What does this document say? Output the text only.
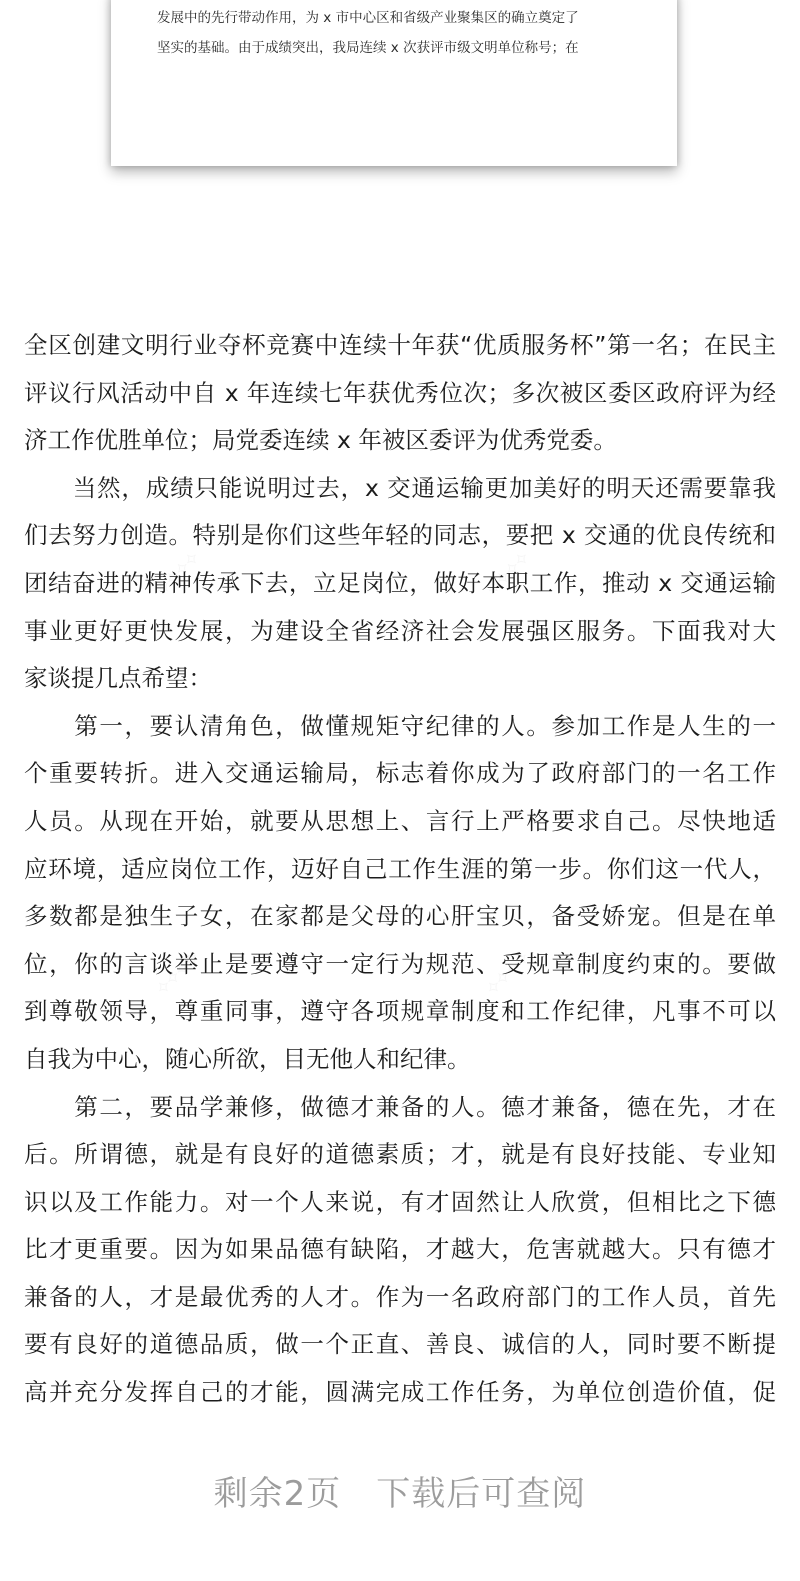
发展中的先行带动作用，为 x 市中心区和省级产业聚集区的确立奠定了
坚实的基础。由于成绩突出，我局连续 x 次获评市级文明单位称号；在
全区创建文明行业夺杯竞赛中连续十年获“优质服务杯”第一名；在民主
评议行风活动中自 x 年连续七年获优秀位次；多次被区委区政府评为经
济工作优胜单位；局党委连续 x 年被区委评为优秀党委。
　　当然，成绩只能说明过去，x 交通运输更加美好的明天还需要靠我
们去努力创造。特别是你们这些年轻的同志，要把 x 交通的优良传统和
团结奋进的精神传承下去，立足岗位，做好本职工作，推动 x 交通运输
事业更好更快发展，为建设全省经济社会发展强区服务。下面我对大
家谈提几点希望：
　　第一，要认清角色，做懂规矩守纪律的人。参加工作是人生的一
个重要转折。进入交通运输局，标志着你成为了政府部门的一名工作
人员。从现在开始，就要从思想上、言行上严格要求自己。尽快地适
应环境，适应岗位工作，迈好自己工作生涯的第一步。你们这一代人，
多数都是独生子女，在家都是父母的心肝宝贝，备受娇宠。但是在单
位，你的言谈举止是要遵守一定行为规范、受规章制度约束的。要做
到尊敬领导，尊重同事，遵守各项规章制度和工作纪律，凡事不可以
自我为中心，随心所欲，目无他人和纪律。
　　第二，要品学兼修，做德才兼备的人。德才兼备，德在先，才在
后。所谓德，就是有良好的道德素质；才，就是有良好技能、专业知
识以及工作能力。对一个人来说，有才固然让人欣赏，但相比之下德
比才更重要。因为如果品德有缺陷，才越大，危害就越大。只有德才
兼备的人，才是最优秀的人才。作为一名政府部门的工作人员，首先
要有良好的道德品质，做一个正直、善良、诚信的人，同时要不断提
高并充分发挥自己的才能，圆满完成工作任务，为单位创造价值，促
剩余2页　下载后可查阅
